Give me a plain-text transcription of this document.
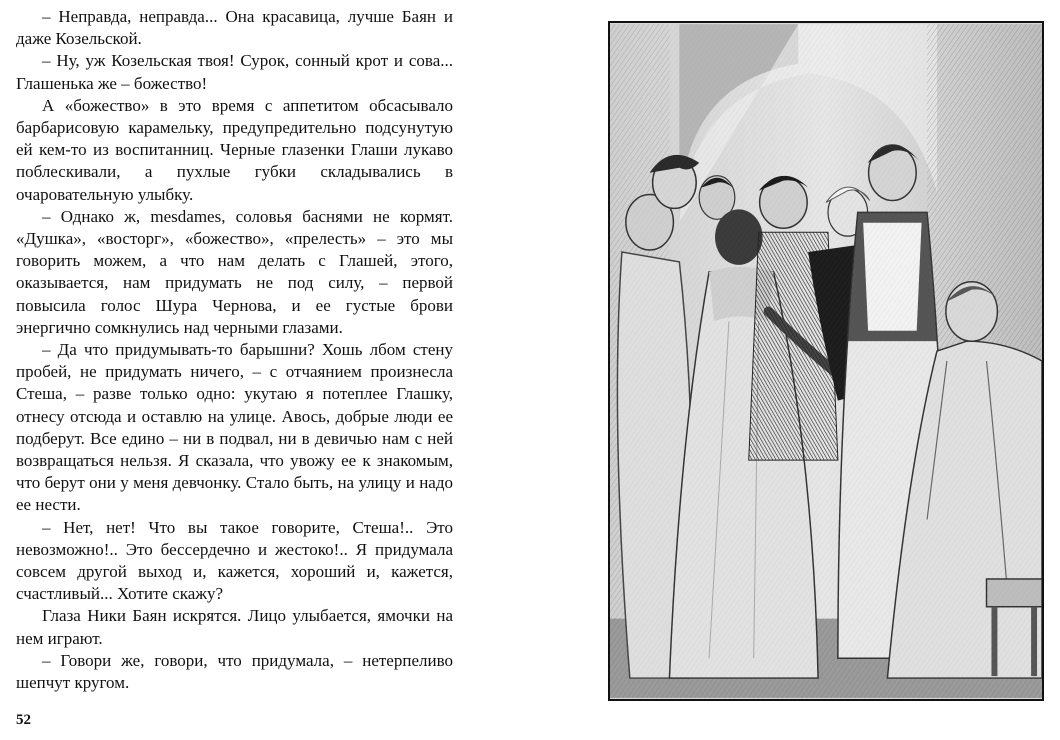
– Неправда, неправда... Она красавица, лучше Баян и даже Козельской.

– Ну, уж Козельская твоя! Сурок, сонный крот и сова... Глашенька же – божество!

А «божество» в это время с аппетитом обсасывало барбарисовую карамельку, предупредительно подсунутую ей кем-то из воспитанниц. Черные глазенки Глаши лукаво поблескивали, а пухлые губки складывались в очаровательную улыбку.

– Однако ж, mesdames, соловья баснями не кормят. «Душка», «восторг», «божество», «прелесть» – это мы говорить можем, а что нам делать с Глашей, этого, оказывается, нам придумать не под силу, – первой повысила голос Шура Чернова, и ее густые брови энергично сомкнулись над черными глазами.

– Да что придумывать-то барышни? Хошь лбом стену пробей, не придумать ничего, – с отчаянием произнесла Стеша, – разве только одно: укутаю я потеплее Глашку, отнесу отсюда и оставлю на улице. Авось, добрые люди ее подберут. Все едино – ни в подвал, ни в девичью нам с ней возвращаться нельзя. Я сказала, что увожу ее к знакомым, что берут они у меня девчонку. Стало быть, на улицу и надо ее нести.

– Нет, нет! Что вы такое говорите, Стеша!.. Это невозможно!.. Это бессердечно и жестоко!.. Я придумала совсем другой выход и, кажется, хороший и, кажется, счастливый... Хотите скажу?

Глаза Ники Баян искрятся. Лицо улыбается, ямочки на нем играют.

– Говори же, говори, что придумала, – нетерпеливо шепчут кругом.

52
